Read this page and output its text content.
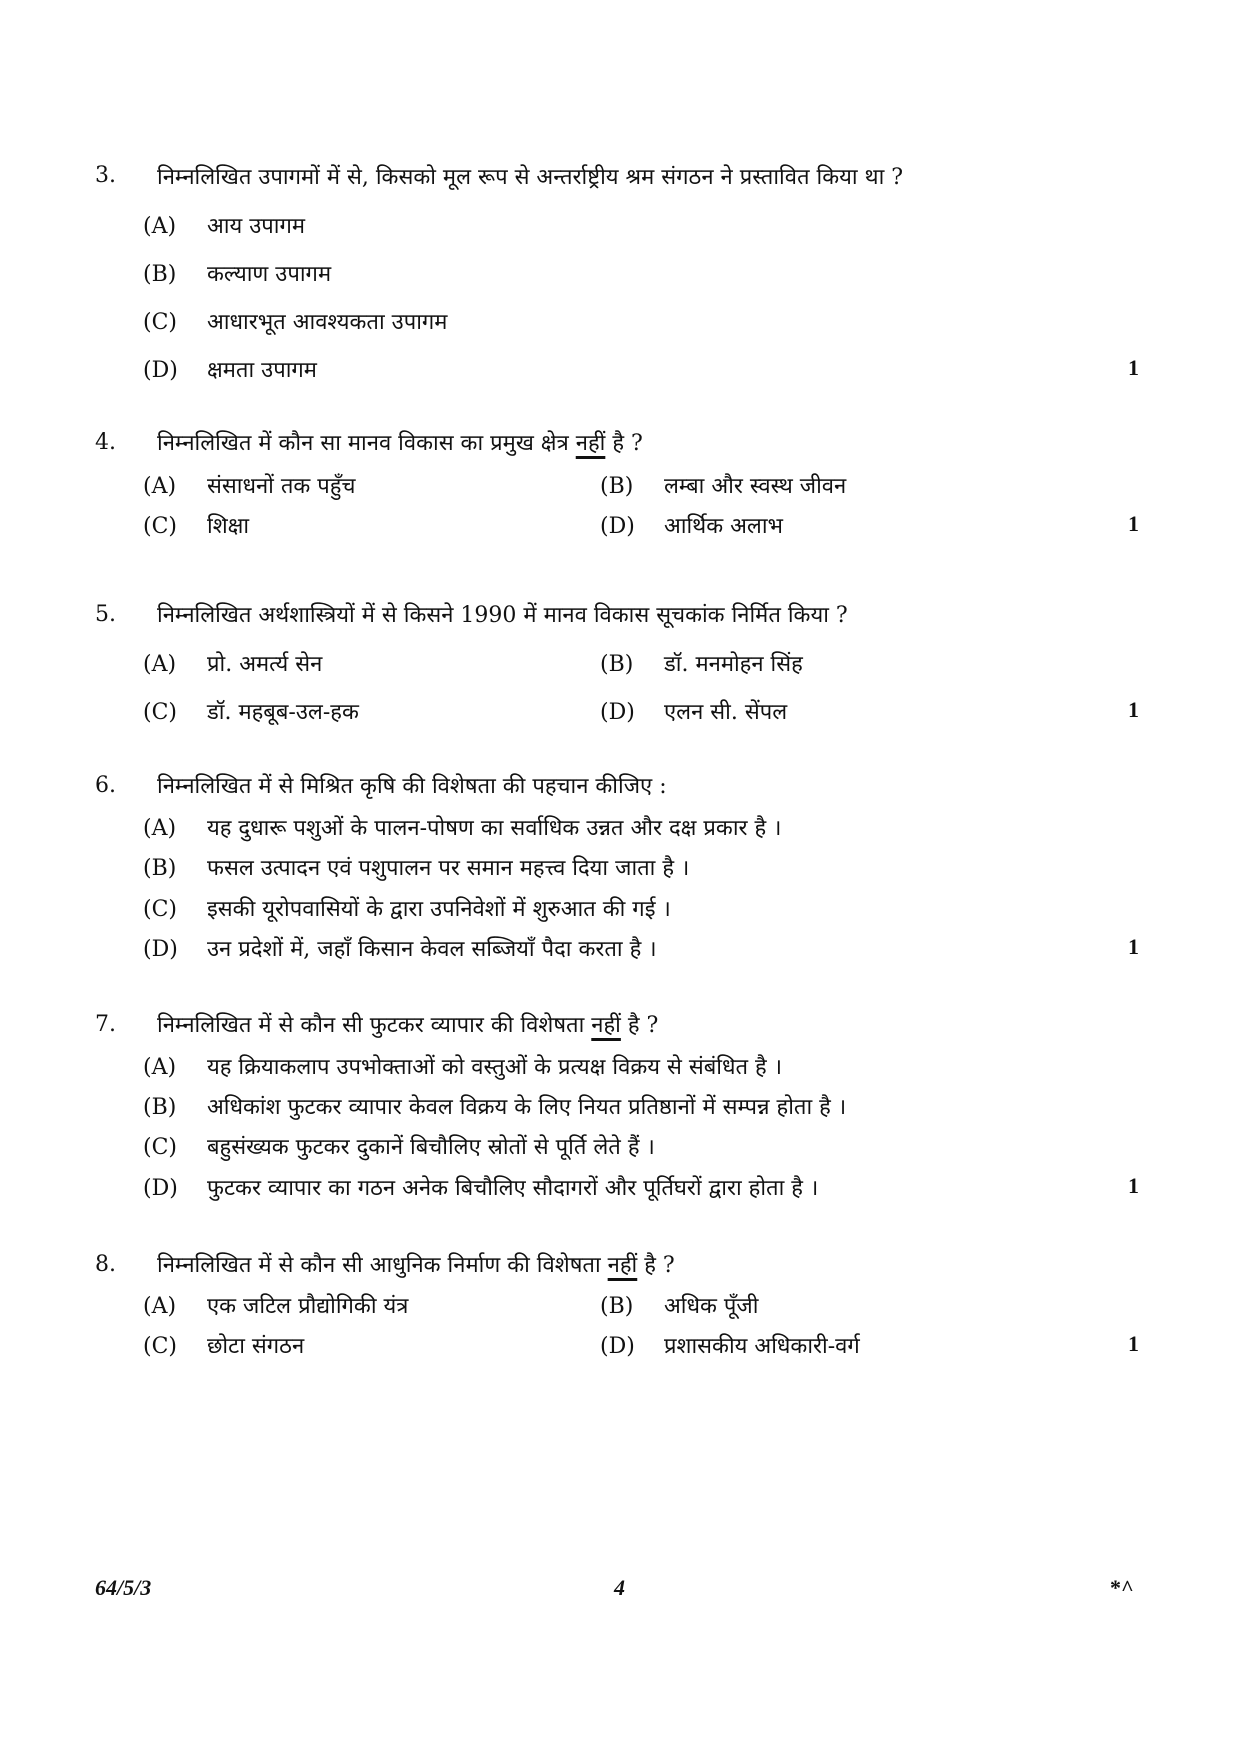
3. निम्नलिखित उपागमों में से, किसको मूल रूप से अन्तर्राष्ट्रीय श्रम संगठन ने प्रस्तावित किया था ?
(A) आय उपागम
(B) कल्याण उपागम
(C) आधारभूत आवश्यकता उपागम
(D) क्षमता उपागम	1
4. निम्नलिखित में कौन सा मानव विकास का प्रमुख क्षेत्र नहीं है ?
(A) संसाधनों तक पहुँच	(B) लम्बा और स्वस्थ जीवन
(C) शिक्षा	(D) आर्थिक अलाभ	1
5. निम्नलिखित अर्थशास्त्रियों में से किसने 1990 में मानव विकास सूचकांक निर्मित किया ?
(A) प्रो. अमर्त्य सेन	(B) डॉ. मनमोहन सिंह
(C) डॉ. महबूब-उल-हक	(D) एलन सी. सेंपल	1
6. निम्नलिखित में से मिश्रित कृषि की विशेषता की पहचान कीजिए :
(A) यह दुधारू पशुओं के पालन-पोषण का सर्वाधिक उन्नत और दक्ष प्रकार है ।
(B) फसल उत्पादन एवं पशुपालन पर समान महत्त्व दिया जाता है ।
(C) इसकी यूरोपवासियों के द्वारा उपनिवेशों में शुरुआत की गई ।
(D) उन प्रदेशों में, जहाँ किसान केवल सब्जियाँ पैदा करता है ।	1
7. निम्नलिखित में से कौन सी फुटकर व्यापार की विशेषता नहीं है ?
(A) यह क्रियाकलाप उपभोक्ताओं को वस्तुओं के प्रत्यक्ष विक्रय से संबंधित है ।
(B) अधिकांश फुटकर व्यापार केवल विक्रय के लिए नियत प्रतिष्ठानों में सम्पन्न होता है ।
(C) बहुसंख्यक फुटकर दुकानें बिचौलिए स्रोतों से पूर्ति लेते हैं ।
(D) फुटकर व्यापार का गठन अनेक बिचौलिए सौदागरों और पूर्तिघरों द्वारा होता है ।	1
8. निम्नलिखित में से कौन सी आधुनिक निर्माण की विशेषता नहीं है ?
(A) एक जटिल प्रौद्योगिकी यंत्र	(B) अधिक पूँजी
(C) छोटा संगठन	(D) प्रशासकीय अधिकारी-वर्ग	1
64/5/3	4	*^
